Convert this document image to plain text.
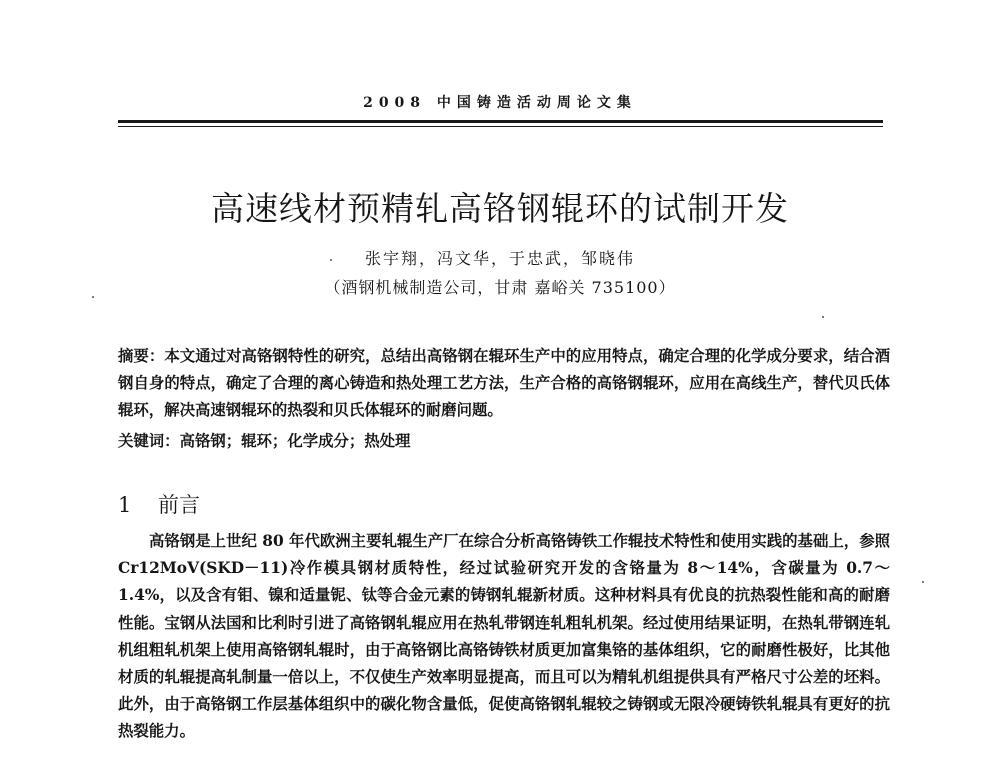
2008 中国铸造活动周论文集
高速线材预精轧高铬钢辊环的试制开发
张宇翔，冯文华，于忠武，邹晓伟
（酒钢机械制造公司，甘肃 嘉峪关 735100）
摘要：本文通过对高铬钢特性的研究，总结出高铬钢在辊环生产中的应用特点，确定合理的化学成分要求，结合酒钢自身的特点，确定了合理的离心铸造和热处理工艺方法，生产合格的高铬钢辊环，应用在高线生产，替代贝氏体辊环，解决高速钢辊环的热裂和贝氏体辊环的耐磨问题。
关键词：高铬钢；辊环；化学成分；热处理
1 前言
高铬钢是上世纪 80 年代欧洲主要轧辊生产厂在综合分析高铬铸铁工作辊技术特性和使用实践的基础上，参照 Cr12MoV(SKD－11)冷作模具钢材质特性，经过试验研究开发的含铬量为 8～14%，含碳量为 0.7～1.4%，以及含有钼、镍和适量铌、钛等合金元素的铸钢轧辊新材质。这种材料具有优良的抗热裂性能和高的耐磨性能。宝钢从法国和比利时引进了高铬钢轧辊应用在热轧带钢连轧粗轧机架。经过使用结果证明，在热轧带钢连轧机组粗轧机架上使用高铬钢轧辊时，由于高铬钢比高铬铸铁材质更加富集铬的基体组织，它的耐磨性极好，比其他材质的轧辊提高轧制量一倍以上，不仅使生产效率明显提高，而且可以为精轧机组提供具有严格尺寸公差的坯料。此外，由于高铬钢工作层基体组织中的碳化物含量低，促使高铬钢轧辊较之铸钢或无限冷硬铸铁轧辊具有更好的抗热裂能力。
